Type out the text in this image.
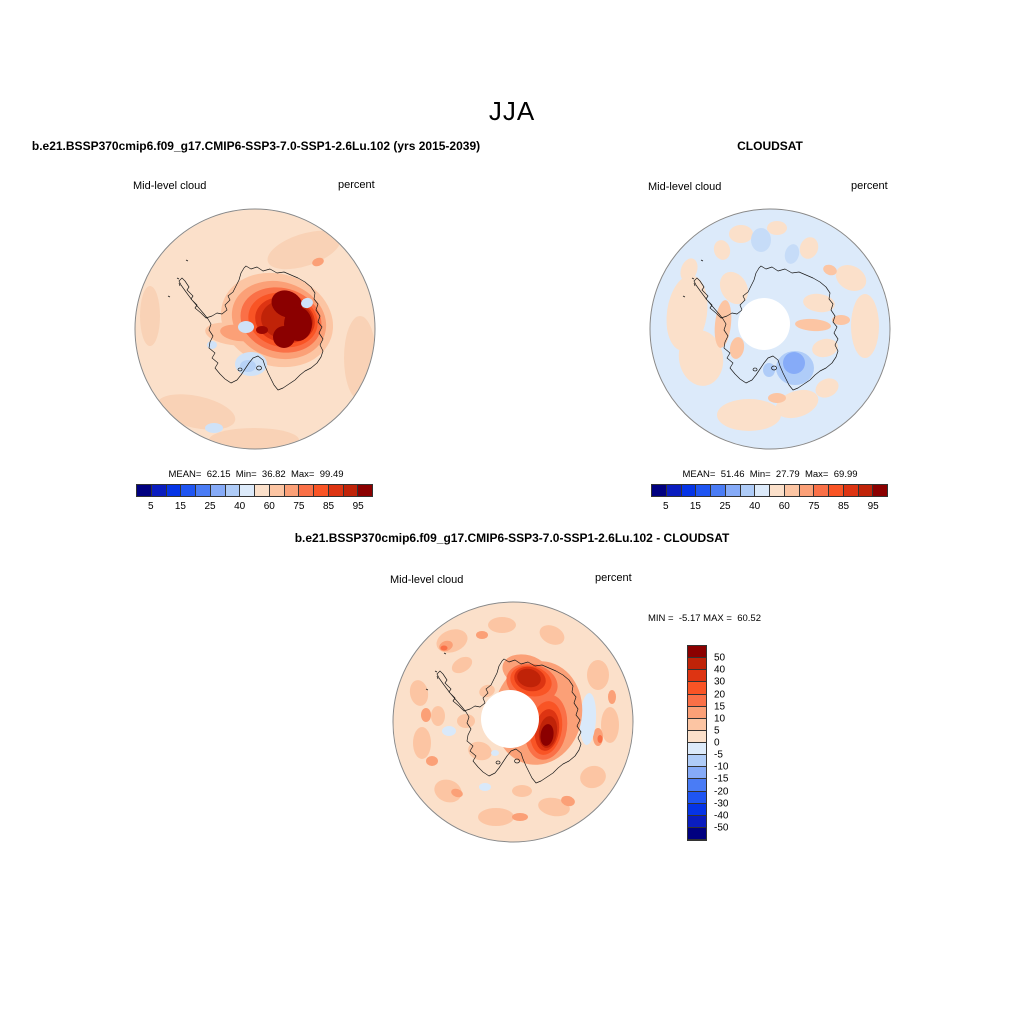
JJA
b.e21.BSSP370cmip6.f09_g17.CMIP6-SSP3-7.0-SSP1-2.6Lu.102 (yrs 2015-2039)
Mid-level cloud	percent
MEAN=  62.15  Min=  36.82  Max=  99.49
5	15	25	40	60	75	85	95
CLOUDSAT
Mid-level cloud	percent
MEAN=  51.46  Min=  27.79  Max=  69.99
5	15	25	40	60	75	85	95
b.e21.BSSP370cmip6.f09_g17.CMIP6-SSP3-7.0-SSP1-2.6Lu.102 - CLOUDSAT
Mid-level cloud	percent
MIN =  -5.17 MAX =  60.52
50
40
30
20
15
10
5
0
-5
-10
-15
-20
-30
-40
-50
